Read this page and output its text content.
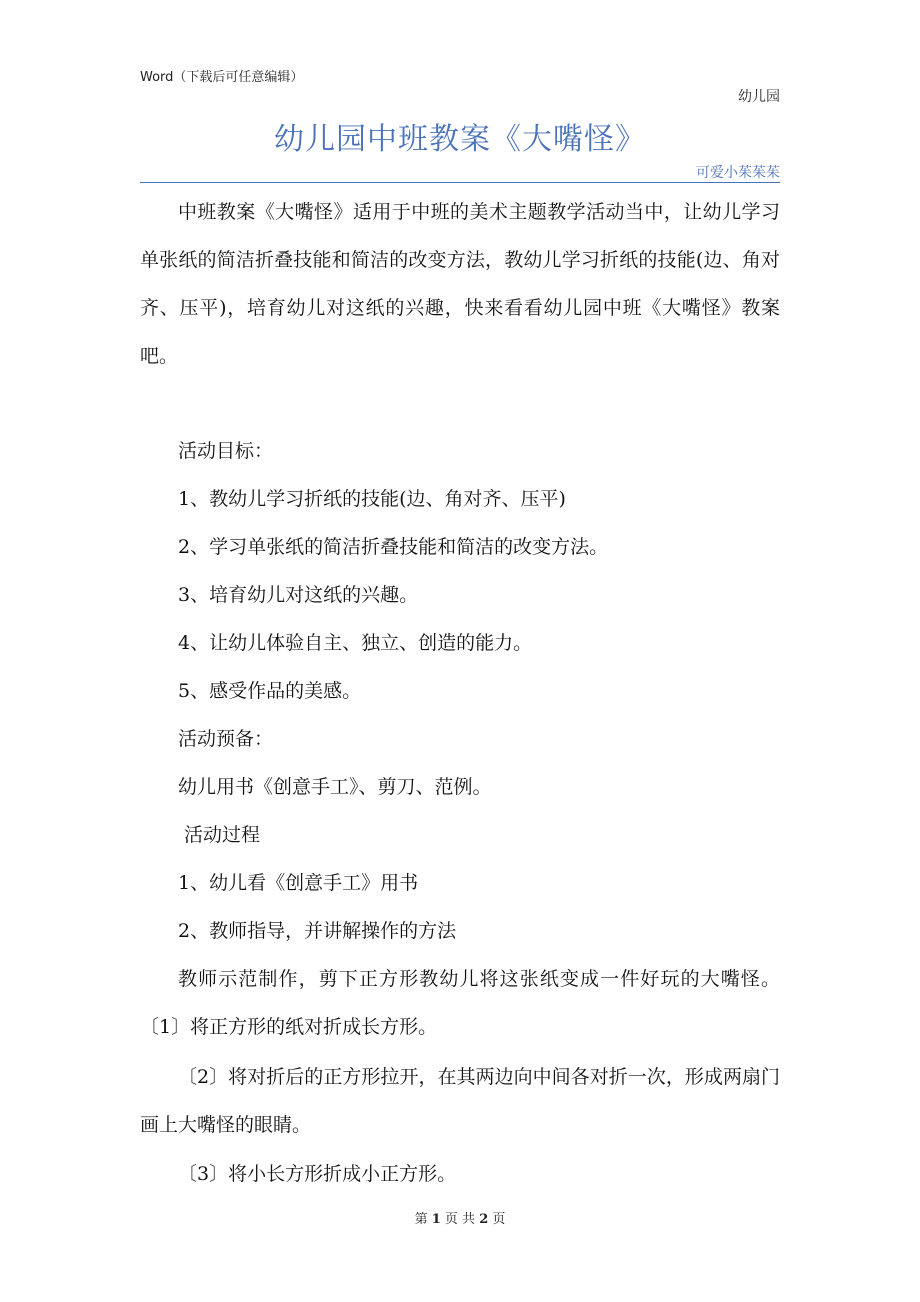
Word（下载后可任意编辑）
幼儿园
幼儿园中班教案《大嘴怪》
可爱小茱茱茱
中班教案《大嘴怪》适用于中班的美术主题教学活动当中，让幼儿学习单张纸的简洁折叠技能和简洁的改变方法，教幼儿学习折纸的技能(边、角对齐、压平)，培育幼儿对这纸的兴趣，快来看看幼儿园中班《大嘴怪》教案吧。
活动目标：
1、教幼儿学习折纸的技能(边、角对齐、压平)
2、学习单张纸的简洁折叠技能和简洁的改变方法。
3、培育幼儿对这纸的兴趣。
4、让幼儿体验自主、独立、创造的能力。
5、感受作品的美感。
活动预备：
幼儿用书《创意手工》、剪刀、范例。
活动过程
1、幼儿看《创意手工》用书
2、教师指导，并讲解操作的方法
教师示范制作，剪下正方形教幼儿将这张纸变成一件好玩的大嘴怪。 〔1〕将正方形的纸对折成长方形。
〔2〕将对折后的正方形拉开，在其两边向中间各对折一次，形成两扇门画上大嘴怪的眼睛。
〔3〕将小长方形折成小正方形。
第 1 页 共 2 页
